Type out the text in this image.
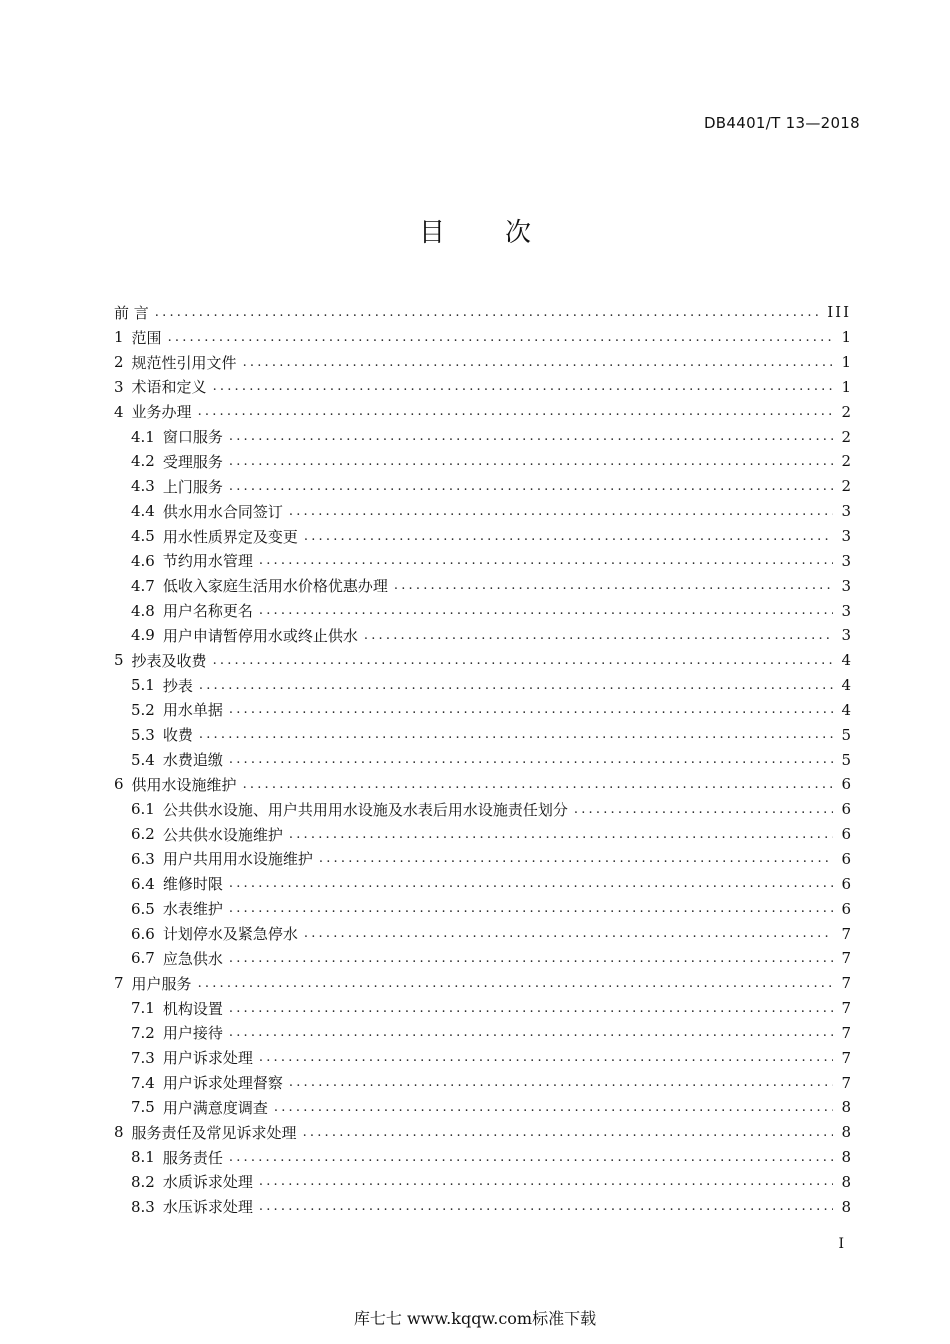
DB4401/T 13—2018
目 次
前 言 .....	III
1 范围 .....	1
2 规范性引用文件 .....	1
3 术语和定义 .....	1
4 业务办理 .....	2
4.1 窗口服务 .....	2
4.2 受理服务 .....	2
4.3 上门服务 .....	2
4.4 供水用水合同签订 .....	3
4.5 用水性质界定及变更 .....	3
4.6 节约用水管理 .....	3
4.7 低收入家庭生活用水价格优惠办理 .....	3
4.8 用户名称更名 .....	3
4.9 用户申请暂停用水或终止供水 .....	3
5 抄表及收费 .....	4
5.1 抄表 .....	4
5.2 用水单据 .....	4
5.3 收费 .....	5
5.4 水费追缴 .....	5
6 供用水设施维护 .....	6
6.1 公共供水设施、用户共用用水设施及水表后用水设施责任划分 .....	6
6.2 公共供水设施维护 .....	6
6.3 用户共用用水设施维护 .....	6
6.4 维修时限 .....	6
6.5 水表维护 .....	6
6.6 计划停水及紧急停水 .....	7
6.7 应急供水 .....	7
7 用户服务 .....	7
7.1 机构设置 .....	7
7.2 用户接待 .....	7
7.3 用户诉求处理 .....	7
7.4 用户诉求处理督察 .....	7
7.5 用户满意度调查 .....	8
8 服务责任及常见诉求处理 .....	8
8.1 服务责任 .....	8
8.2 水质诉求处理 .....	8
8.3 水压诉求处理 .....	8
I
库七七 www.kqqw.com标准下载
